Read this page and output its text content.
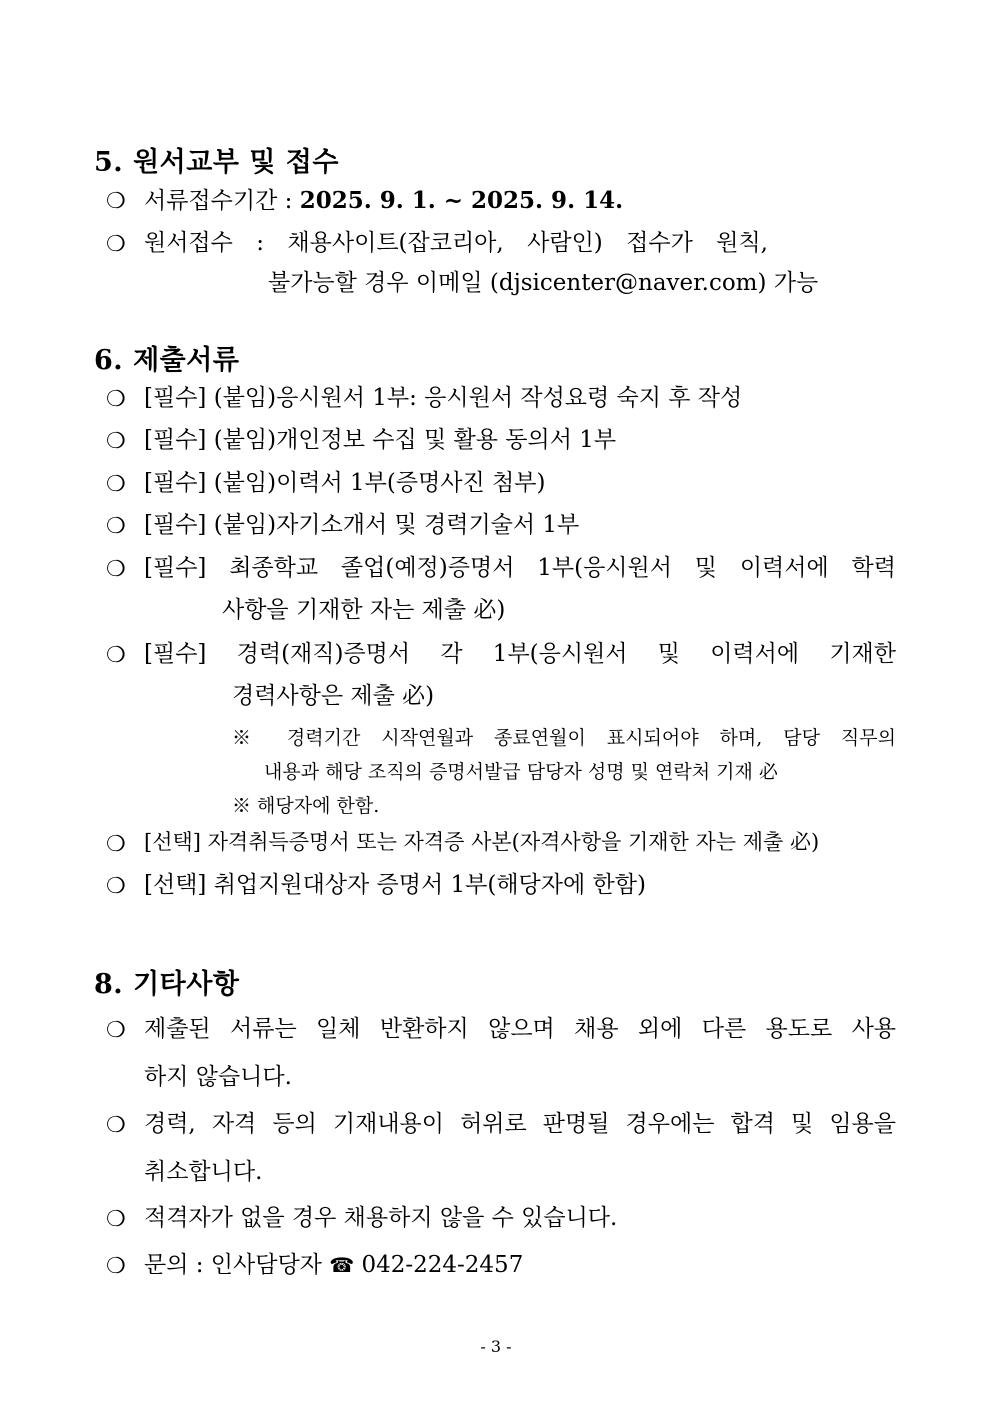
5. 원서교부 및 접수
❍ 서류접수기간 : 2025. 9. 1. ~ 2025. 9. 14.
❍ 원서접수 : 채용사이트(잡코리아, 사람인) 접수가 원칙,
불가능할 경우 이메일 (djsicenter@naver.com) 가능
6. 제출서류
❍ [필수] (붙임)응시원서 1부: 응시원서 작성요령 숙지 후 작성
❍ [필수] (붙임)개인정보 수집 및 활용 동의서 1부
❍ [필수] (붙임)이력서 1부(증명사진 첨부)
❍ [필수] (붙임)자기소개서 및 경력기술서 1부
❍ [필수] 최종학교 졸업(예정)증명서 1부(응시원서 및 이력서에 학력
사항을 기재한 자는 제출 必)
❍ [필수] 경력(재직)증명서 각 1부(응시원서 및 이력서에 기재한
경력사항은 제출 必)
※ 경력기간 시작연월과 종료연월이 표시되어야 하며, 담당 직무의
내용과 해당 조직의 증명서발급 담당자 성명 및 연락처 기재 必
※ 해당자에 한함.
❍ [선택] 자격취득증명서 또는 자격증 사본(자격사항을 기재한 자는 제출 必)
❍ [선택] 취업지원대상자 증명서 1부(해당자에 한함)
8. 기타사항
❍ 제출된 서류는 일체 반환하지 않으며 채용 외에 다른 용도로 사용
하지 않습니다.
❍ 경력, 자격 등의 기재내용이 허위로 판명될 경우에는 합격 및 임용을
취소합니다.
❍ 적격자가 없을 경우 채용하지 않을 수 있습니다.
❍ 문의 : 인사담당자 ☎ 042-224-2457
- 3 -
